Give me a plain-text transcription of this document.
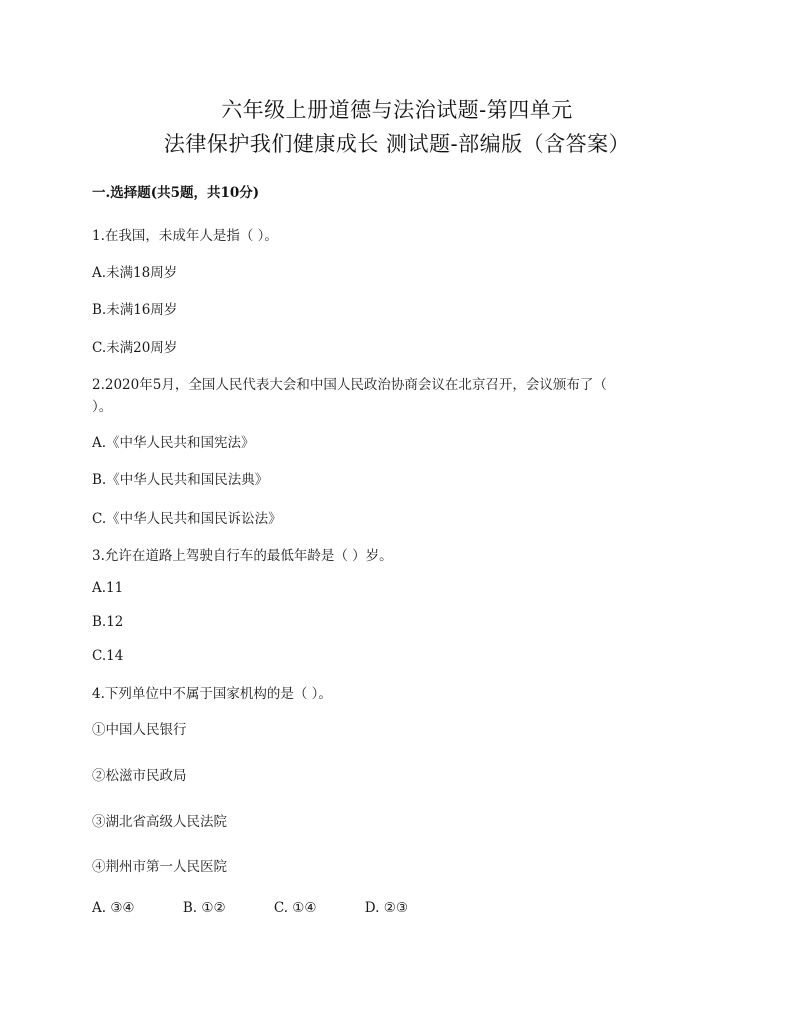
六年级上册道德与法治试题-第四单元
法律保护我们健康成长 测试题-部编版（含答案）
一.选择题(共5题，共10分)
1.在我国，未成年人是指（ ）。
A.未满18周岁
B.未满16周岁
C.未满20周岁
2.2020年5月，全国人民代表大会和中国人民政治协商会议在北京召开，会议颁布了（
）。
A.《中华人民共和国宪法》
B.《中华人民共和国民法典》
C.《中华人民共和国民诉讼法》
3.允许在道路上驾驶自行车的最低年龄是（ ）岁。
A.11
B.12
C.14
4.下列单位中不属于国家机构的是（ ）。
①中国人民银行
②松滋市民政局
③湖北省高级人民法院
④荆州市第一人民医院
A. ③④	B. ①②	C. ①④	D. ②③
